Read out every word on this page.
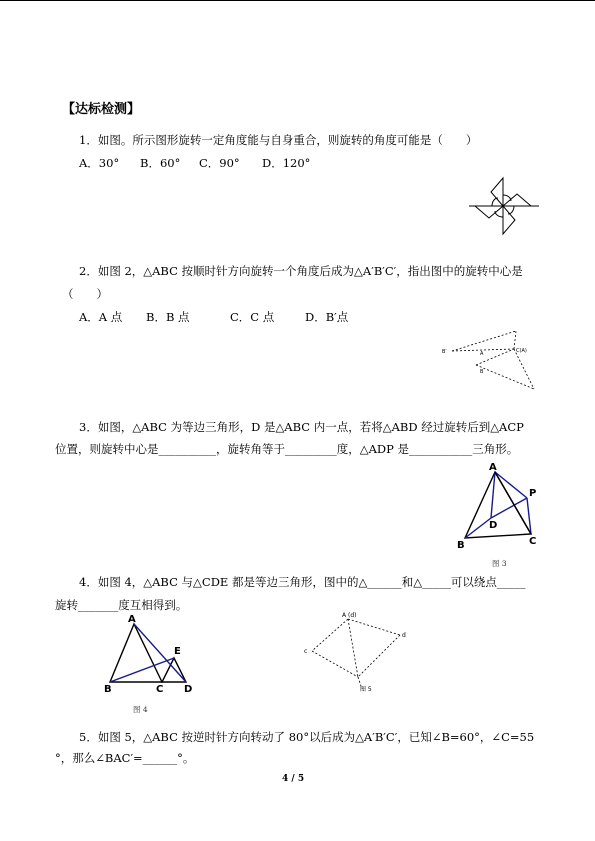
【达标检测】
1．如图。所示图形旋转一定角度能与自身重合，则旋转的角度可能是（　　）
A．30° B．60° C．90° D．120°
2．如图 2，△ABC 按顺时针方向旋转一个角度后成为△A′B′C′，指出图中的旋转中心是
（　　）
A．A 点 B．B 点	C．C 点	D．B′点
B′	A	C(A)
B
3．如图，△ABC 为等边三角形，D 是△ABC 内一点，若将△ABD 经过旋转后到△ACP
位置，则旋转中心是__________，旋转角等于_________度，△ADP 是___________三角形。
A
B	C
D
P
图 3
4．如图 4，△ABC 与△CDE 都是等边三角形，图中的△______和△_____可以绕点_____
旋转_______度互相得到。
A
B	C D
E
图 4
A (d)
c
d
图 5
5．如图 5，△ABC 按逆时针方向转动了 80°以后成为△A′B′C′，已知∠B=60°，∠C=55
°，那么∠BAC′=______°。
4 / 5
